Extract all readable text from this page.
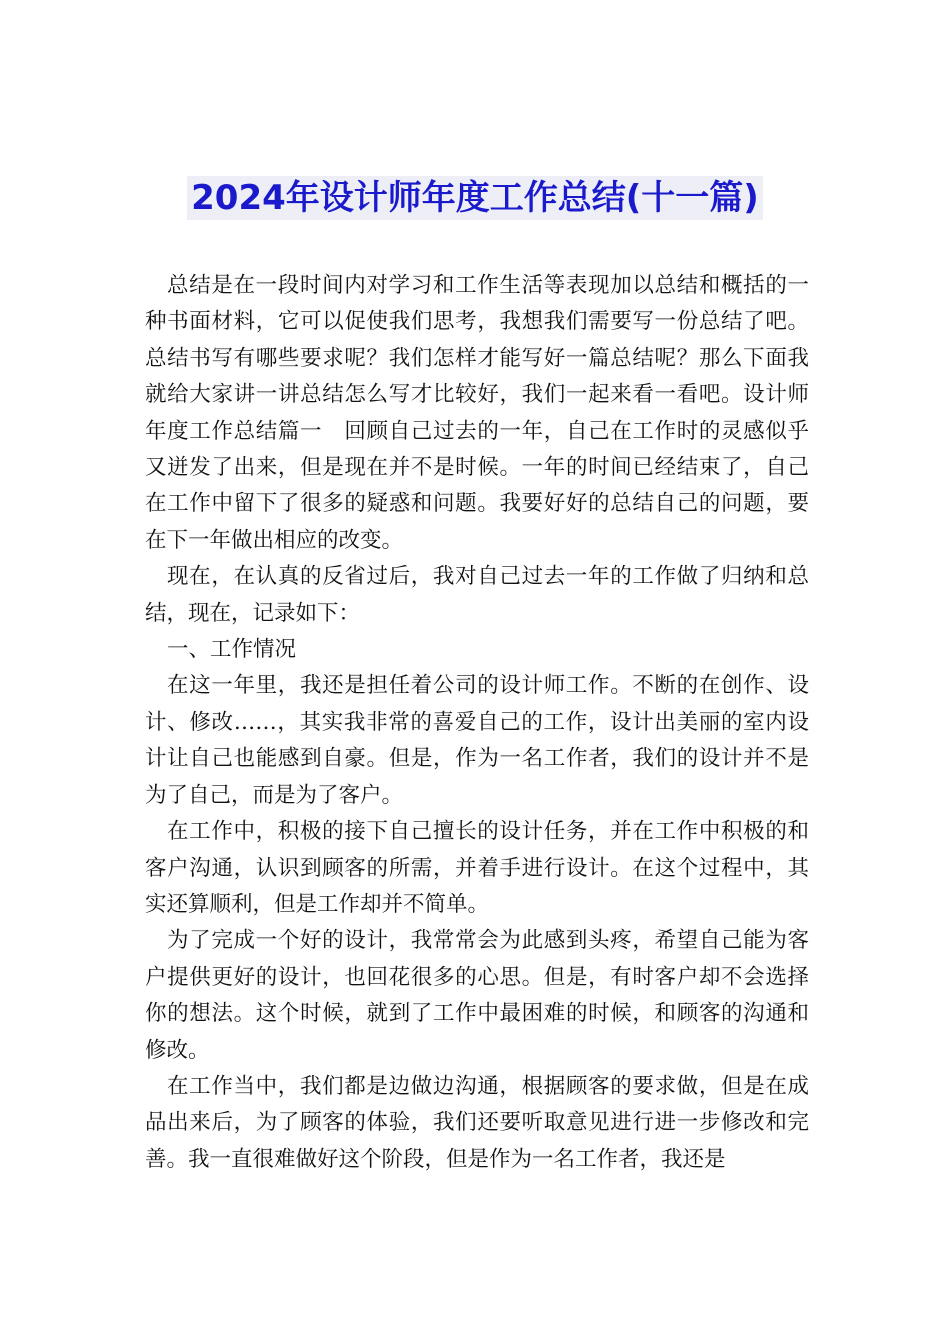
2024年设计师年度工作总结(十一篇)

总结是在一段时间内对学习和工作生活等表现加以总结和概括的一种书面材料，它可以促使我们思考，我想我们需要写一份总结了吧。总结书写有哪些要求呢？我们怎样才能写好一篇总结呢？那么下面我就给大家讲一讲总结怎么写才比较好，我们一起来看一看吧。设计师年度工作总结篇一　回顾自己过去的一年，自己在工作时的灵感似乎又迸发了出来，但是现在并不是时候。一年的时间已经结束了，自己在工作中留下了很多的疑惑和问题。我要好好的总结自己的问题，要在下一年做出相应的改变。

现在，在认真的反省过后，我对自己过去一年的工作做了归纳和总结，现在，记录如下：

一、工作情况

在这一年里，我还是担任着公司的设计师工作。不断的在创作、设计、修改……，其实我非常的喜爱自己的工作，设计出美丽的室内设计让自己也能感到自豪。但是，作为一名工作者，我们的设计并不是为了自己，而是为了客户。

在工作中，积极的接下自己擅长的设计任务，并在工作中积极的和客户沟通，认识到顾客的所需，并着手进行设计。在这个过程中，其实还算顺利，但是工作却并不简单。

为了完成一个好的设计，我常常会为此感到头疼，希望自己能为客户提供更好的设计，也回花很多的心思。但是，有时客户却不会选择你的想法。这个时候，就到了工作中最困难的时候，和顾客的沟通和修改。

在工作当中，我们都是边做边沟通，根据顾客的要求做，但是在成品出来后，为了顾客的体验，我们还要听取意见进行进一步修改和完善。我一直很难做好这个阶段，但是作为一名工作者，我还是
